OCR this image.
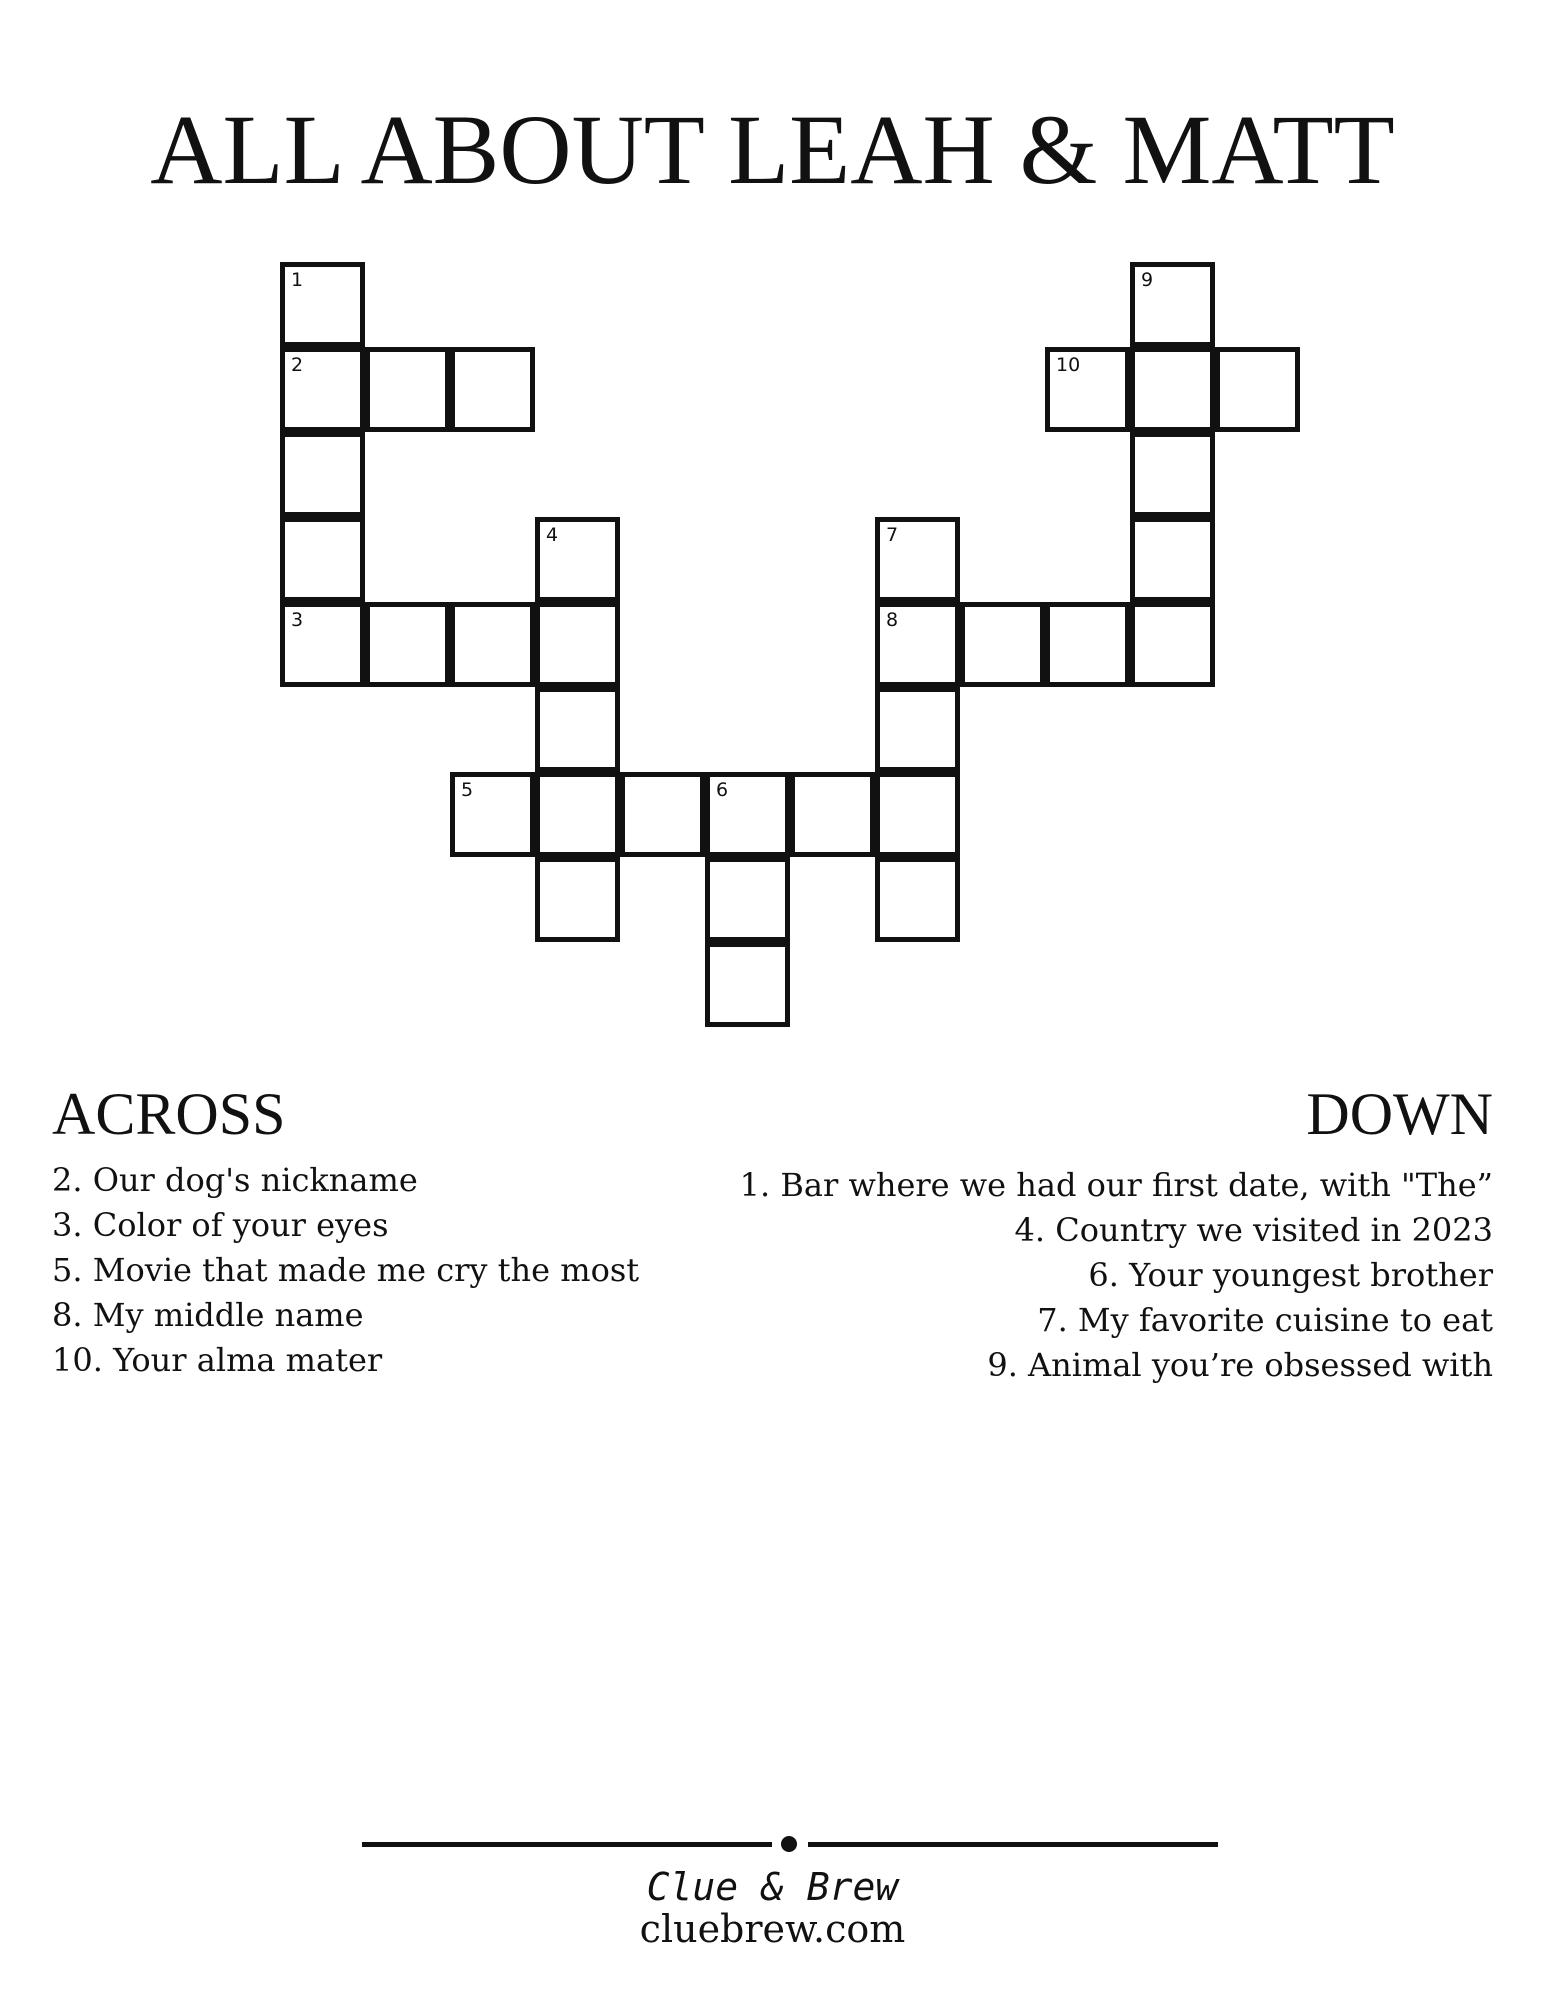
ALL ABOUT LEAH & MATT
1
2
3
4
5	6
7
8
9
10
ACROSS
2. Our dog's nickname
3. Color of your eyes
5. Movie that made me cry the most
8. My middle name
10. Your alma mater
DOWN
1. Bar where we had our first date, with "The”
4. Country we visited in 2023
6. Your youngest brother
7. My favorite cuisine to eat
9. Animal you’re obsessed with
Clue & Brew
cluebrew.com
